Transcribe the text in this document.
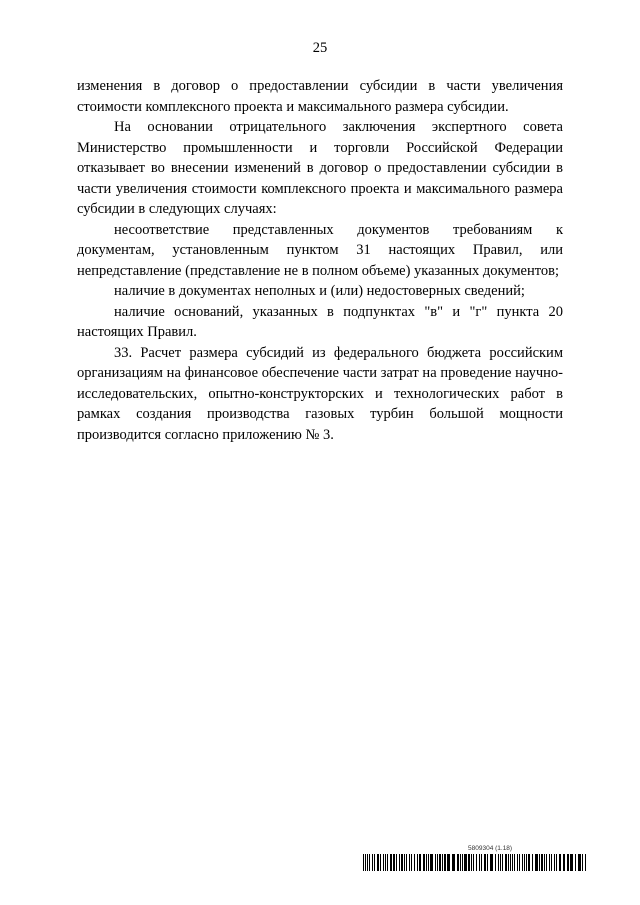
25

изменения в договор о предоставлении субсидии в части увеличения стоимости комплексного проекта и максимального размера субсидии.

На основании отрицательного заключения экспертного совета Министерство промышленности и торговли Российской Федерации отказывает во внесении изменений в договор о предоставлении субсидии в части увеличения стоимости комплексного проекта и максимального размера субсидии в следующих случаях:

несоответствие представленных документов требованиям к документам, установленным пунктом 31 настоящих Правил, или непредставление (представление не в полном объеме) указанных документов;

наличие в документах неполных и (или) недостоверных сведений;

наличие оснований, указанных в подпунктах "в" и "г" пункта 20 настоящих Правил.

33. Расчет размера субсидий из федерального бюджета российским организациям на финансовое обеспечение части затрат на проведение научно-исследовательских, опытно-конструкторских и технологических работ в рамках создания производства газовых турбин большой мощности производится согласно приложению № 3.

5809304 (1.18)
